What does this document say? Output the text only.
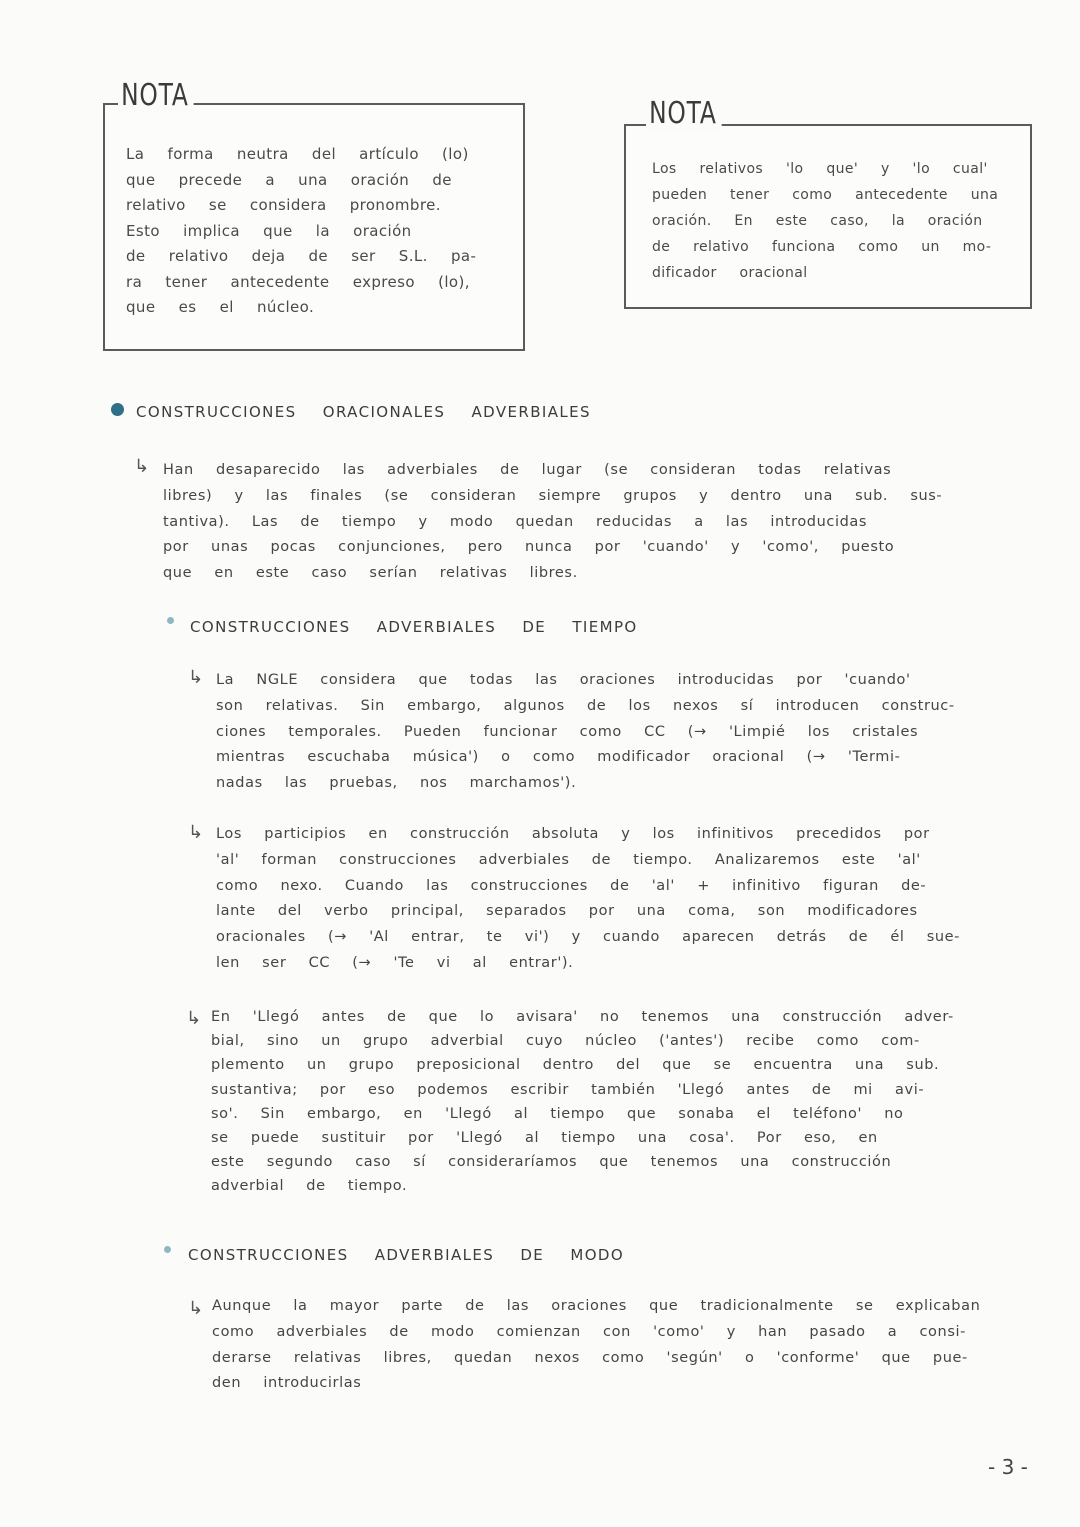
NOTA

La forma neutra del artículo (lo)

que precede a una oración de

relativo se considera pronombre.

Esto implica que la oración

de relativo deja de ser S.L. pa-

ra tener antecedente expreso (lo),

que es el núcleo.

NOTA

Los relativos 'lo que' y 'lo cual'

pueden tener como antecedente una

oración. En este caso, la oración

de relativo funciona como un mo-

dificador oracional

CONSTRUCCIONES ORACIONALES ADVERBIALES
↳ Han desaparecido las adverbiales de lugar (se consideran todas relativas

libres) y las finales (se consideran siempre grupos y dentro una sub. sus-

tantiva). Las de tiempo y modo quedan reducidas a las introducidas

por unas pocas conjunciones, pero nunca por 'cuando' y 'como', puesto

que en este caso serían relativas libres.

CONSTRUCCIONES ADVERBIALES DE TIEMPO
↳ La NGLE considera que todas las oraciones introducidas por 'cuando'

son relativas. Sin embargo, algunos de los nexos sí introducen construc-

ciones temporales. Pueden funcionar como CC (→ 'Limpié los cristales

mientras escuchaba música') o como modificador oracional (→ 'Termi-

nadas las pruebas, nos marchamos').

↳ Los participios en construcción absoluta y los infinitivos precedidos por

'al' forman construcciones adverbiales de tiempo. Analizaremos este 'al'

como nexo. Cuando las construcciones de 'al' + infinitivo figuran de-

lante del verbo principal, separados por una coma, son modificadores

oracionales (→ 'Al entrar, te vi') y cuando aparecen detrás de él sue-

len ser CC (→ 'Te vi al entrar').

↳ En 'Llegó antes de que lo avisara' no tenemos una construcción adver-

bial, sino un grupo adverbial cuyo núcleo ('antes') recibe como com-

plemento un grupo preposicional dentro del que se encuentra una sub.

sustantiva; por eso podemos escribir también 'Llegó antes de mi avi-

so'. Sin embargo, en 'Llegó al tiempo que sonaba el teléfono' no

se puede sustituir por 'Llegó al tiempo una cosa'. Por eso, en

este segundo caso sí consideraríamos que tenemos una construcción

adverbial de tiempo.

CONSTRUCCIONES ADVERBIALES DE MODO
↳ Aunque la mayor parte de las oraciones que tradicionalmente se explicaban

como adverbiales de modo comienzan con 'como' y han pasado a consi-

derarse relativas libres, quedan nexos como 'según' o 'conforme' que pue-

den introducirlas

- 3 -
